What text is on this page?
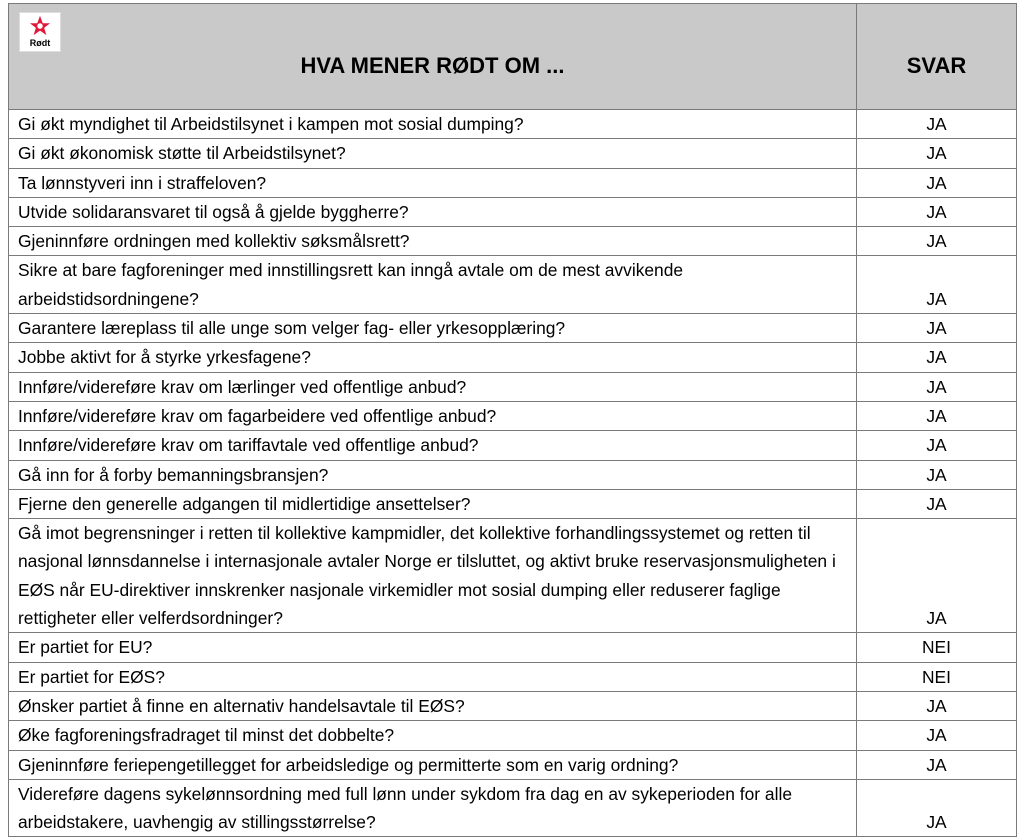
Rødt
HVA MENER RØDT OM ...	SVAR
Gi økt myndighet til Arbeidstilsynet i kampen mot sosial dumping?	JA
Gi økt økonomisk støtte til Arbeidstilsynet?	JA
Ta lønnstyveri inn i straffeloven?	JA
Utvide solidaransvaret til også å gjelde byggherre?	JA
Gjeninnføre ordningen med kollektiv søksmålsrett?	JA
Sikre at bare fagforeninger med innstillingsrett kan inngå avtale om de mest avvikende arbeidstidsordningene?	JA
Garantere læreplass til alle unge som velger fag- eller yrkesopplæring?	JA
Jobbe aktivt for å styrke yrkesfagene?	JA
Innføre/videreføre krav om lærlinger ved offentlige anbud?	JA
Innføre/videreføre krav om fagarbeidere ved offentlige anbud?	JA
Innføre/videreføre krav om tariffavtale ved offentlige anbud?	JA
Gå inn for å forby bemanningsbransjen?	JA
Fjerne den generelle adgangen til midlertidige ansettelser?	JA
Gå imot begrensninger i retten til kollektive kampmidler, det kollektive forhandlingssystemet og retten til nasjonal lønnsdannelse i internasjonale avtaler Norge er tilsluttet, og aktivt bruke reservasjonsmuligheten i EØS når EU-direktiver innskrenker nasjonale virkemidler mot sosial dumping eller reduserer faglige rettigheter eller velferdsordninger?	JA
Er partiet for EU?	NEI
Er partiet for EØS?	NEI
Ønsker partiet å finne en alternativ handelsavtale til EØS?	JA
Øke fagforeningsfradraget til minst det dobbelte?	JA
Gjeninnføre feriepengetillegget for arbeidsledige og permitterte som en varig ordning?	JA
Videreføre dagens sykelønnsordning med full lønn under sykdom fra dag en av sykeperioden for alle arbeidstakere, uavhengig av stillingsstørrelse?	JA
